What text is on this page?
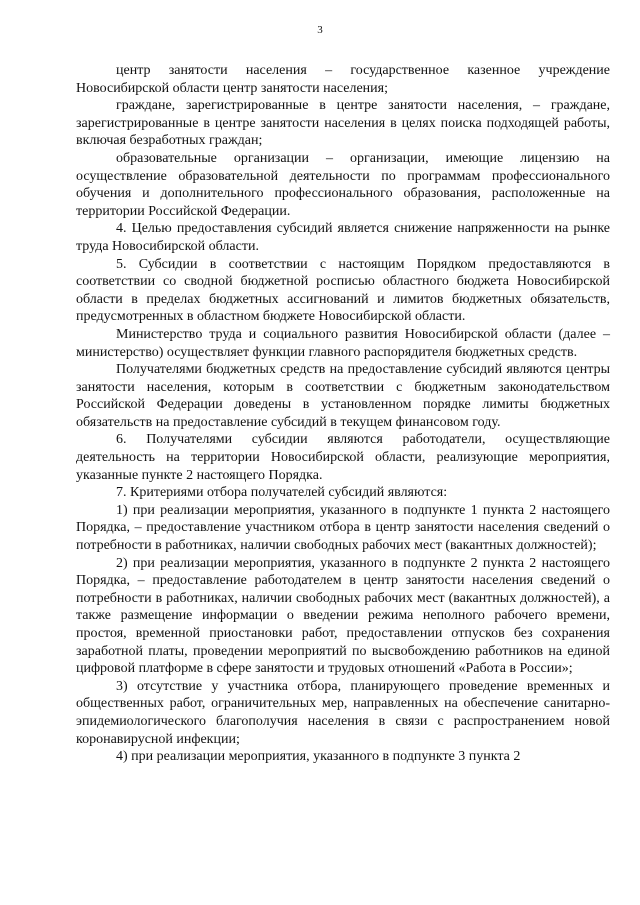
3

центр занятости населения – государственное казенное учреждение Новосибирской области центр занятости населения;

граждане, зарегистрированные в центре занятости населения, – граждане, зарегистрированные в центре занятости населения в целях поиска подходящей работы, включая безработных граждан;

образовательные организации – организации, имеющие лицензию на осуществление образовательной деятельности по программам профессионального обучения и дополнительного профессионального образования, расположенные на территории Российской Федерации.

4. Целью предоставления субсидий является снижение напряженности на рынке труда Новосибирской области.

5. Субсидии в соответствии с настоящим Порядком предоставляются в соответствии со сводной бюджетной росписью областного бюджета Новосибирской области в пределах бюджетных ассигнований и лимитов бюджетных обязательств, предусмотренных в областном бюджете Новосибирской области.

Министерство труда и социального развития Новосибирской области (далее – министерство) осуществляет функции главного распорядителя бюджетных средств.

Получателями бюджетных средств на предоставление субсидий являются центры занятости населения, которым в соответствии с бюджетным законодательством Российской Федерации доведены в установленном порядке лимиты бюджетных обязательств на предоставление субсидий в текущем финансовом году.

6. Получателями субсидии являются работодатели, осуществляющие деятельность на территории Новосибирской области, реализующие мероприятия, указанные пункте 2 настоящего Порядка.

7. Критериями отбора получателей субсидий являются:

1) при реализации мероприятия, указанного в подпункте 1 пункта 2 настоящего Порядка, – предоставление участником отбора в центр занятости населения сведений о потребности в работниках, наличии свободных рабочих мест (вакантных должностей);

2) при реализации мероприятия, указанного в подпункте 2 пункта 2 настоящего Порядка, – предоставление работодателем в центр занятости населения сведений о потребности в работниках, наличии свободных рабочих мест (вакантных должностей), а также размещение информации о введении режима неполного рабочего времени, простоя, временной приостановки работ, предоставлении отпусков без сохранения заработной платы, проведении мероприятий по высвобождению работников на единой цифровой платформе в сфере занятости и трудовых отношений «Работа в России»;

3) отсутствие у участника отбора, планирующего проведение временных и общественных работ, ограничительных мер, направленных на обеспечение санитарно-эпидемиологического благополучия населения в связи с распространением новой коронавирусной инфекции;

4) при реализации мероприятия, указанного в подпункте 3 пункта 2
